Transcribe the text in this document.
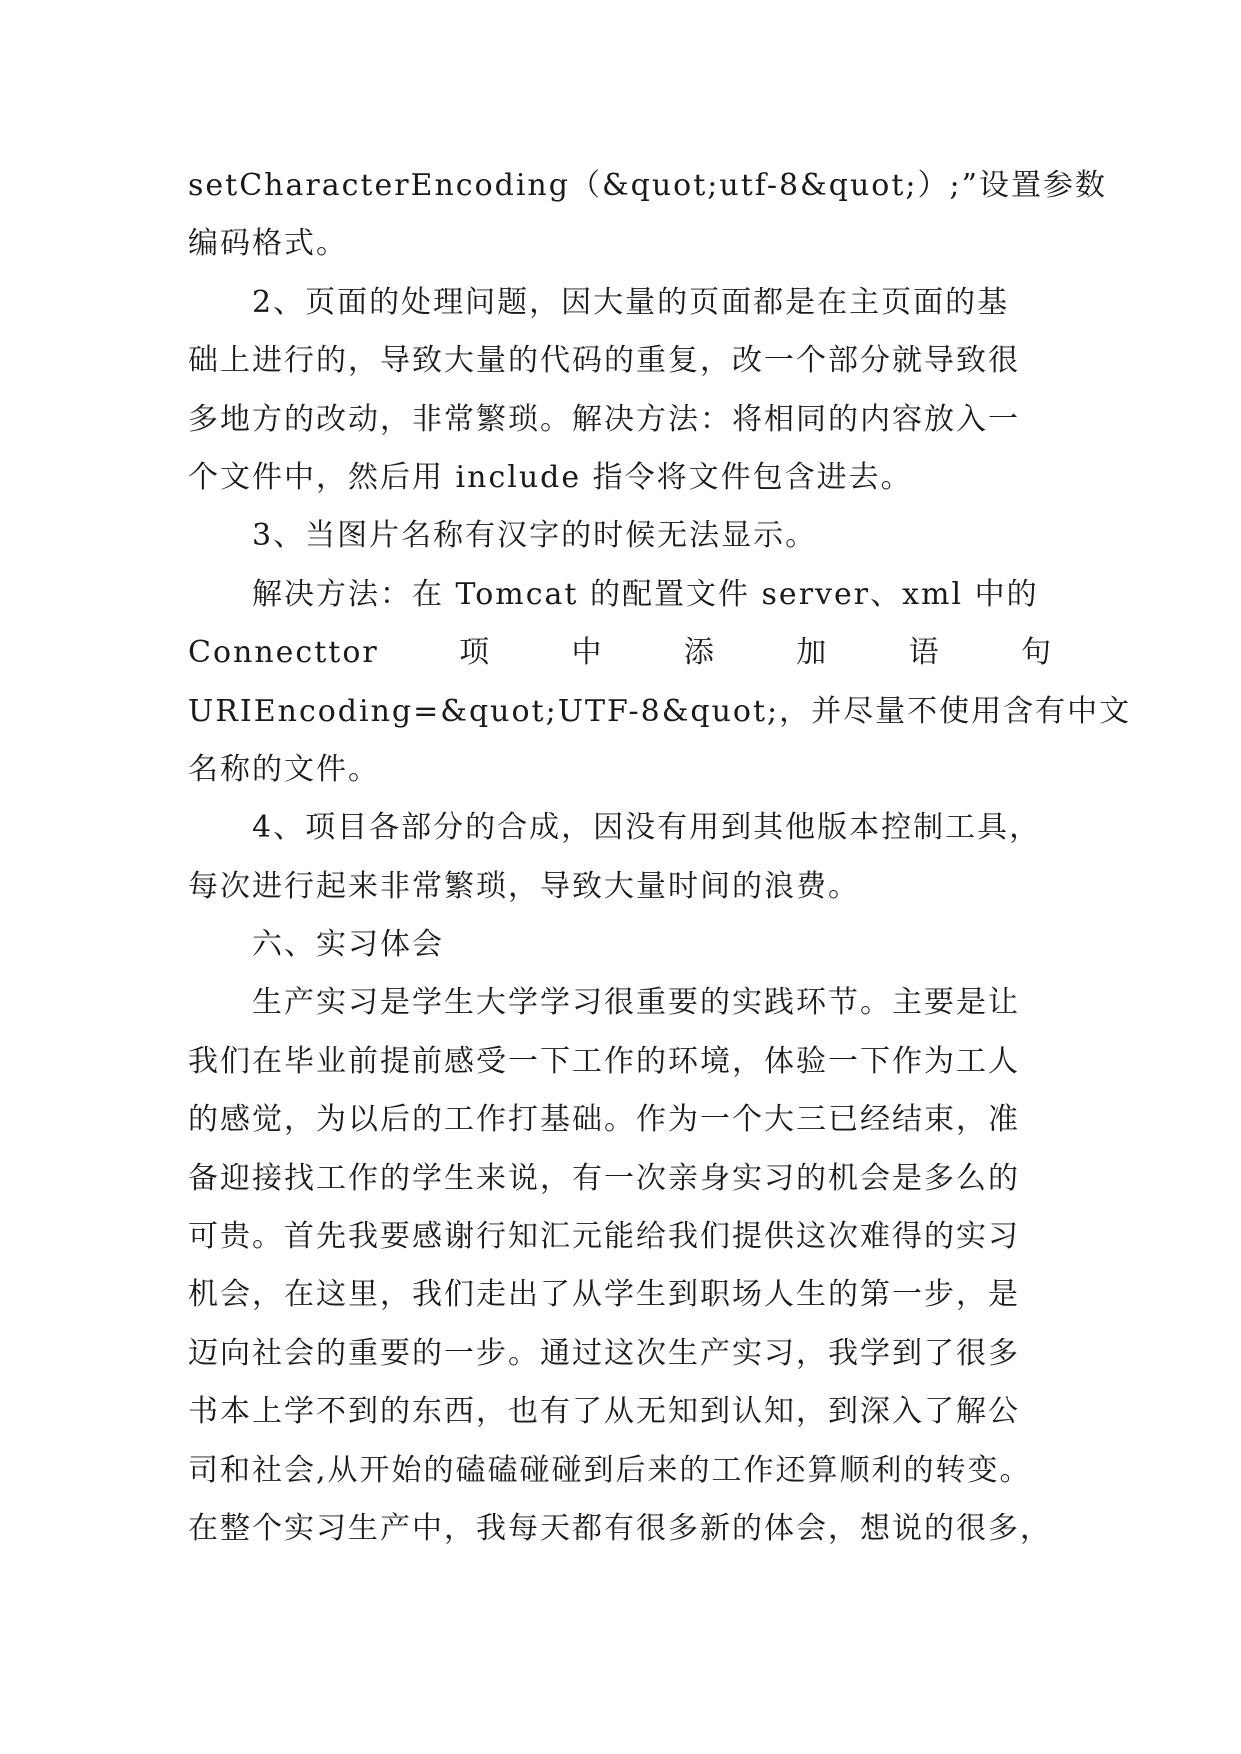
setCharacterEncoding（&quot;utf-8&quot;）;”设置参数
编码格式。
2、页面的处理问题，因大量的页面都是在主页面的基
础上进行的，导致大量的代码的重复，改一个部分就导致很
多地方的改动，非常繁琐。解决方法：将相同的内容放入一
个文件中，然后用 include 指令将文件包含进去。
3、当图片名称有汉字的时候无法显示。
解决方法：在 Tomcat 的配置文件 server、xml 中的
Connecttor	项	中	添	加	语	句
URIEncoding=&quot;UTF-8&quot;，并尽量不使用含有中文
名称的文件。
4、项目各部分的合成，因没有用到其他版本控制工具，
每次进行起来非常繁琐，导致大量时间的浪费。
六、实习体会
生产实习是学生大学学习很重要的实践环节。主要是让
我们在毕业前提前感受一下工作的环境，体验一下作为工人
的感觉，为以后的工作打基础。作为一个大三已经结束，准
备迎接找工作的学生来说，有一次亲身实习的机会是多么的
可贵。首先我要感谢行知汇元能给我们提供这次难得的实习
机会，在这里，我们走出了从学生到职场人生的第一步，是
迈向社会的重要的一步。通过这次生产实习，我学到了很多
书本上学不到的东西，也有了从无知到认知，到深入了解公
司和社会,从开始的磕磕碰碰到后来的工作还算顺利的转变。
在整个实习生产中，我每天都有很多新的体会，想说的很多，
